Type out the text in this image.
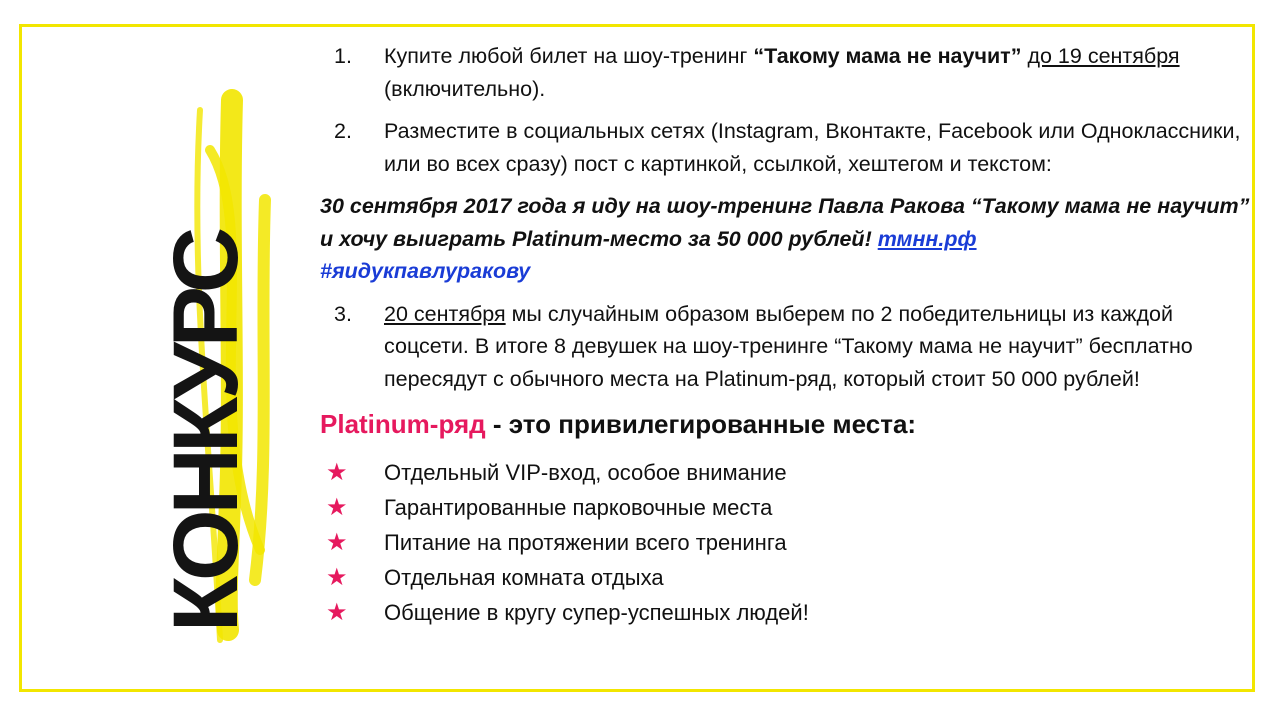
КОНКУРС
1. Купите любой билет на шоу-тренинг “Такому мама не научит” до 19 сентября (включительно).
2. Разместите в социальных сетях (Instagram, Вконтакте, Facebook или Одноклассники, или во всех сразу) пост с картинкой, ссылкой, хештегом и текстом:
30 сентября 2017 года я иду на шоу-тренинг Павла Ракова “Такому мама не научит” и хочу выиграть Platinum-место за 50 000 рублей! тмнн.рф
#яидукпавлуракову
3. 20 сентября мы случайным образом выберем по 2 победительницы из каждой соцсети. В итоге 8 девушек на шоу-тренинге “Такому мама не научит” бесплатно пересядут с обычного места на Platinum-ряд, который стоит 50 000 рублей!
Platinum-ряд - это привилегированные места:
★ Отдельный VIP-вход, особое внимание
★ Гарантированные парковочные места
★ Питание на протяжении всего тренинга
★ Отдельная комната отдыха
★ Общение в кругу супер-успешных людей!
